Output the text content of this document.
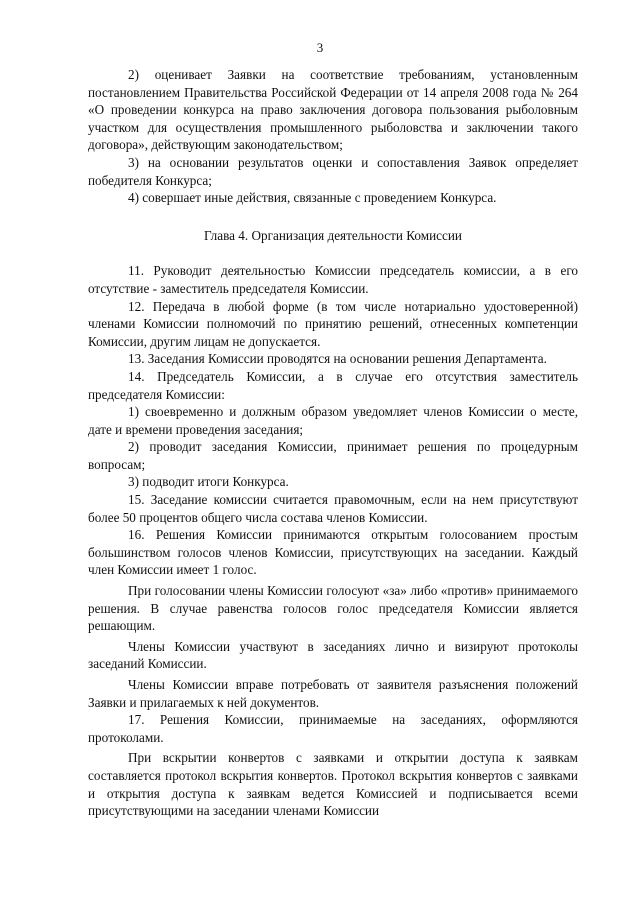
3

2) оценивает Заявки на соответствие требованиям, установленным постановлением Правительства Российской Федерации от 14 апреля 2008 года № 264 «О проведении конкурса на право заключения договора пользования рыболовным участком для осуществления промышленного рыболовства и заключении такого договора», действующим законодательством;

3) на основании результатов оценки и сопоставления Заявок определяет победителя Конкурса;

4) совершает иные действия, связанные с проведением Конкурса.

Глава 4. Организация деятельности Комиссии

11. Руководит деятельностью Комиссии председатель комиссии, а в его отсутствие - заместитель председателя Комиссии.

12. Передача в любой форме (в том числе нотариально удостоверенной) членами Комиссии полномочий по принятию решений, отнесенных компетенции Комиссии, другим лицам не допускается.

13. Заседания Комиссии проводятся на основании решения Департамента.

14. Председатель Комиссии, а в случае его отсутствия заместитель председателя Комиссии:

1) своевременно и должным образом уведомляет членов Комиссии о месте, дате и времени проведения заседания;

2) проводит заседания Комиссии, принимает решения по процедурным вопросам;

3) подводит итоги Конкурса.

15. Заседание комиссии считается правомочным, если на нем присутствуют более 50 процентов общего числа состава членов Комиссии.

16. Решения Комиссии принимаются открытым голосованием простым большинством голосов членов Комиссии, присутствующих на заседании. Каждый член Комиссии имеет 1 голос.

При голосовании члены Комиссии голосуют «за» либо «против» принимаемого решения. В случае равенства голосов голос председателя Комиссии является решающим.

Члены Комиссии участвуют в заседаниях лично и визируют протоколы заседаний Комиссии.

Члены Комиссии вправе потребовать от заявителя разъяснения положений Заявки и прилагаемых к ней документов.

17. Решения Комиссии, принимаемые на заседаниях, оформляются протоколами.

При вскрытии конвертов с заявками и открытии доступа к заявкам составляется протокол вскрытия конвертов. Протокол вскрытия конвертов с заявками и открытия доступа к заявкам ведется Комиссией и подписывается всеми присутствующими на заседании членами Комиссии
